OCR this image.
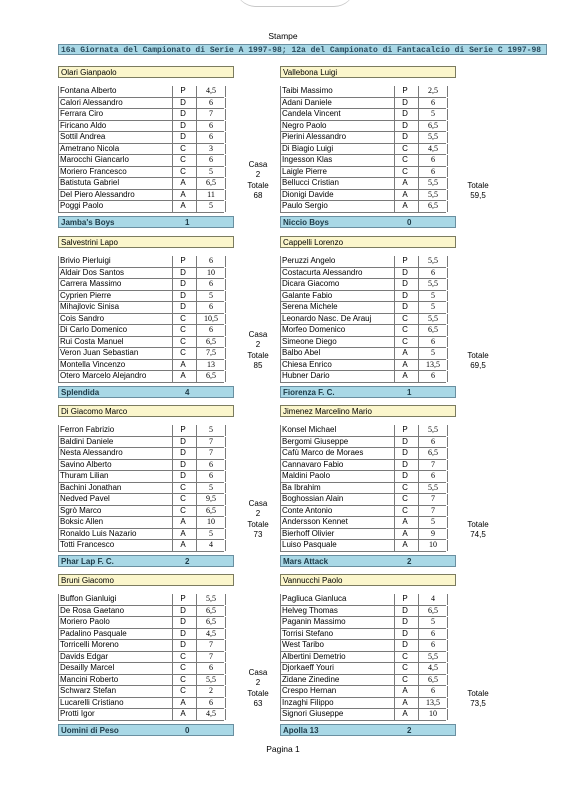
Stampe
16a Giornata del Campionato di Serie A 1997-98; 12a del Campionato di Fantacalcio di Serie C 1997-98
Olari Gianpaolo	Vallebona Luigi
Fontana Alberto	P	4,5
Calori Alessandro	D	6
Ferrara Ciro	D	7
Firicano Aldo	D	6
Sottil Andrea	D	6
Ametrano Nicola	C	3
Marocchi Giancarlo	C	6
Moriero Francesco	C	5
Batistuta Gabriel	A	6,5
Del Piero Alessandro	A	11
Poggi Paolo	A	5
Taibi Massimo	P	2,5
Adani Daniele	D	6
Candela Vincent	D	5
Negro Paolo	D	6,5
Pierini Alessandro	D	5,5
Di Biagio Luigi	C	4,5
Ingesson Klas	C	6
Laigle Pierre	C	6
Bellucci Cristian	A	5,5
Dionigi Davide	A	5,5
Paulo Sergio	A	6,5
Casa
2
Totale
68
Totale
59,5
Jamba's Boys	1	Niccio Boys	0
Salvestrini Lapo	Cappelli Lorenzo
Brivio Pierluigi	P	6
Aldair Dos Santos	D	10
Carrera Massimo	D	6
Cyprien Pierre	D	5
Mihajlovic Sinisa	D	6
Cois Sandro	C	10,5
Di Carlo Domenico	C	6
Rui Costa Manuel	C	6,5
Veron Juan Sebastian	C	7,5
Montella Vincenzo	A	13
Otero Marcelo Alejandro	A	6,5
Peruzzi Angelo	P	5,5
Costacurta Alessandro	D	6
Dicara Giacomo	D	5,5
Galante Fabio	D	5
Serena Michele	D	5
Leonardo Nasc. De Arauj	C	5,5
Morfeo Domenico	C	6,5
Simeone Diego	C	6
Balbo Abel	A	5
Chiesa Enrico	A	13,5
Hubner Dario	A	6
Casa
2
Totale
85
Totale
69,5
Splendida	4	Fiorenza F. C.	1
Di Giacomo Marco	Jimenez Marcelino Mario
Ferron Fabrizio	P	5
Baldini Daniele	D	7
Nesta Alessandro	D	7
Savino Alberto	D	6
Thuram Lilian	D	6
Bachini Jonathan	C	5
Nedved Pavel	C	9,5
Sgrò Marco	C	6,5
Boksic Allen	A	10
Ronaldo Luis Nazario	A	5
Totti Francesco	A	4
Konsel Michael	P	5,5
Bergomi Giuseppe	D	6
Cafù Marco de Moraes	D	6,5
Cannavaro Fabio	D	7
Maldini Paolo	D	6
Ba Ibrahim	C	5,5
Boghossian Alain	C	7
Conte Antonio	C	7
Andersson Kennet	A	5
Bierhoff Olivier	A	9
Luiso Pasquale	A	10
Casa
2
Totale
73
Totale
74,5
Phar Lap F. C.	2	Mars Attack	2
Bruni Giacomo	Vannucchi Paolo
Buffon Gianluigi	P	5,5
De Rosa Gaetano	D	6,5
Moriero Paolo	D	6,5
Padalino Pasquale	D	4,5
Torricelli Moreno	D	7
Davids Edgar	C	7
Desailly Marcel	C	6
Mancini Roberto	C	5,5
Schwarz Stefan	C	2
Lucarelli Cristiano	A	6
Protti Igor	A	4,5
Pagliuca Gianluca	P	4
Helveg Thomas	D	6,5
Paganin Massimo	D	5
Torrisi Stefano	D	6
West Taribo	D	6
Albertini Demetrio	C	5,5
Djorkaeff Youri	C	4,5
Zidane Zinedine	C	6,5
Crespo Hernan	A	6
Inzaghi Filippo	A	13,5
Signori Giuseppe	A	10
Casa
2
Totale
63
Totale
73,5
Uomini di Peso	0	Apolla 13	2
Pagina 1
